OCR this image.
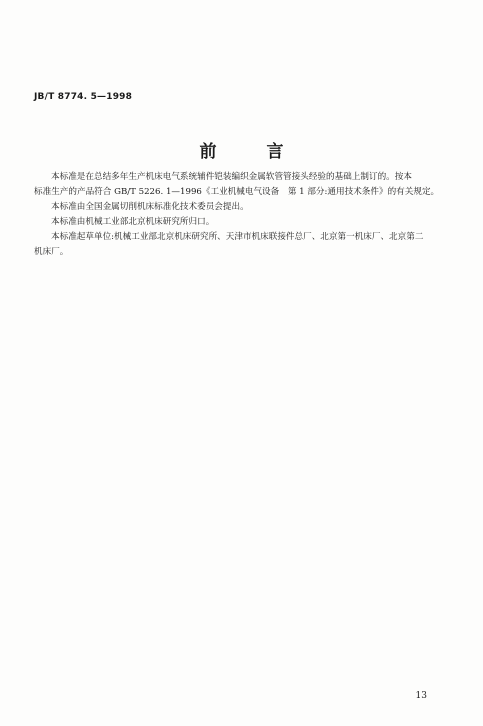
JB/T 8774. 5—1998
前 言

本标准是在总结多年生产机床电气系统辅件铠装编织金属软管管接头经验的基础上制订的。按本

标准生产的产品符合 GB/T 5226. 1—1996《工业机械电气设备　第 1 部分:通用技术条件》的有关规定。

本标准由全国金属切削机床标准化技术委员会提出。

本标准由机械工业部北京机床研究所归口。

本标准起草单位:机械工业部北京机床研究所、天津市机床联接件总厂、北京第一机床厂、北京第二

机床厂。

13
